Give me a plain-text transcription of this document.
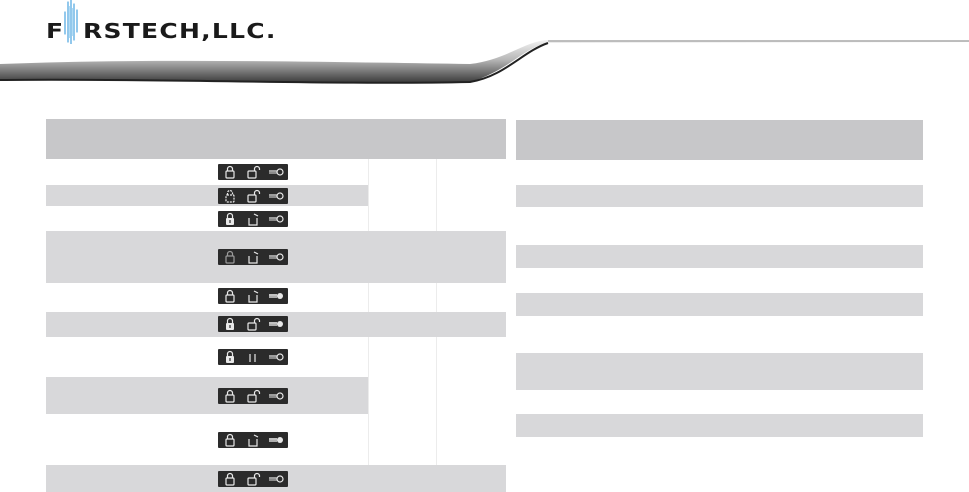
F RSTECH,LLC.
